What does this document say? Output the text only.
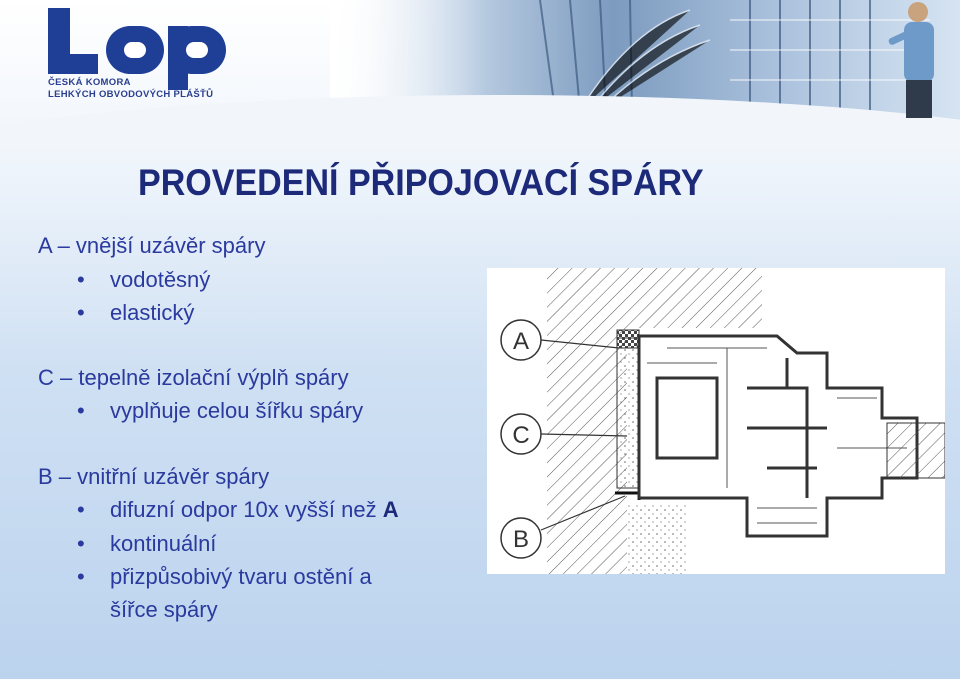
ČESKÁ KOMORA
LEHKÝCH OBVODOVÝCH PLÁŠŤŮ
PROVEDENÍ PŘIPOJOVACÍ SPÁRY
A – vnější uzávěr spáry
• vodotěsný
• elastický
C – tepelně izolační výplň spáry
• vyplňuje celou šířku spáry
B – vnitřní uzávěr spáry
• difuzní odpor 10x vyšší než A
• kontinuální
• přizpůsobivý tvaru ostění a
šířce spáry
A
C
B
